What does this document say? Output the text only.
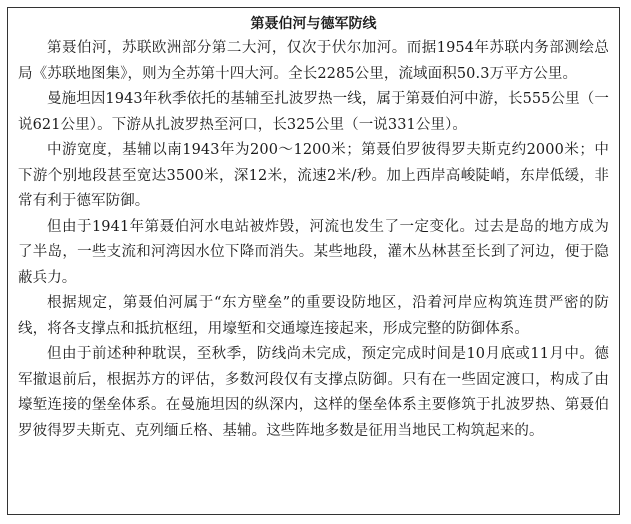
第聂伯河与德军防线

第聂伯河，苏联欧洲部分第二大河，仅次于伏尔加河。而据1954年苏联内务部测绘总局《苏联地图集》，则为全苏第十四大河。全长2285公里，流域面积50.3万平方公里。

曼施坦因1943年秋季依托的基辅至扎波罗热一线，属于第聂伯河中游，长555公里（一说621公里）。下游从扎波罗热至河口，长325公里（一说331公里）。

中游宽度，基辅以南1943年为200～1200米；第聂伯罗彼得罗夫斯克约2000米；中下游个别地段甚至宽达3500米，深12米，流速2米/秒。加上西岸高峻陡峭，东岸低缓，非常有利于德军防御。

但由于1941年第聂伯河水电站被炸毁，河流也发生了一定变化。过去是岛的地方成为了半岛，一些支流和河湾因水位下降而消失。某些地段，灌木丛林甚至长到了河边，便于隐蔽兵力。

根据规定，第聂伯河属于“东方壁垒”的重要设防地区，沿着河岸应构筑连贯严密的防线，将各支撑点和抵抗枢纽，用壕堑和交通壕连接起来，形成完整的防御体系。

但由于前述种种耽误，至秋季，防线尚未完成，预定完成时间是10月底或11月中。德军撤退前后，根据苏方的评估，多数河段仅有支撑点防御。只有在一些固定渡口，构成了由壕堑连接的堡垒体系。在曼施坦因的纵深内，这样的堡垒体系主要修筑于扎波罗热、第聂伯罗彼得罗夫斯克、克列缅丘格、基辅。这些阵地多数是征用当地民工构筑起来的。
